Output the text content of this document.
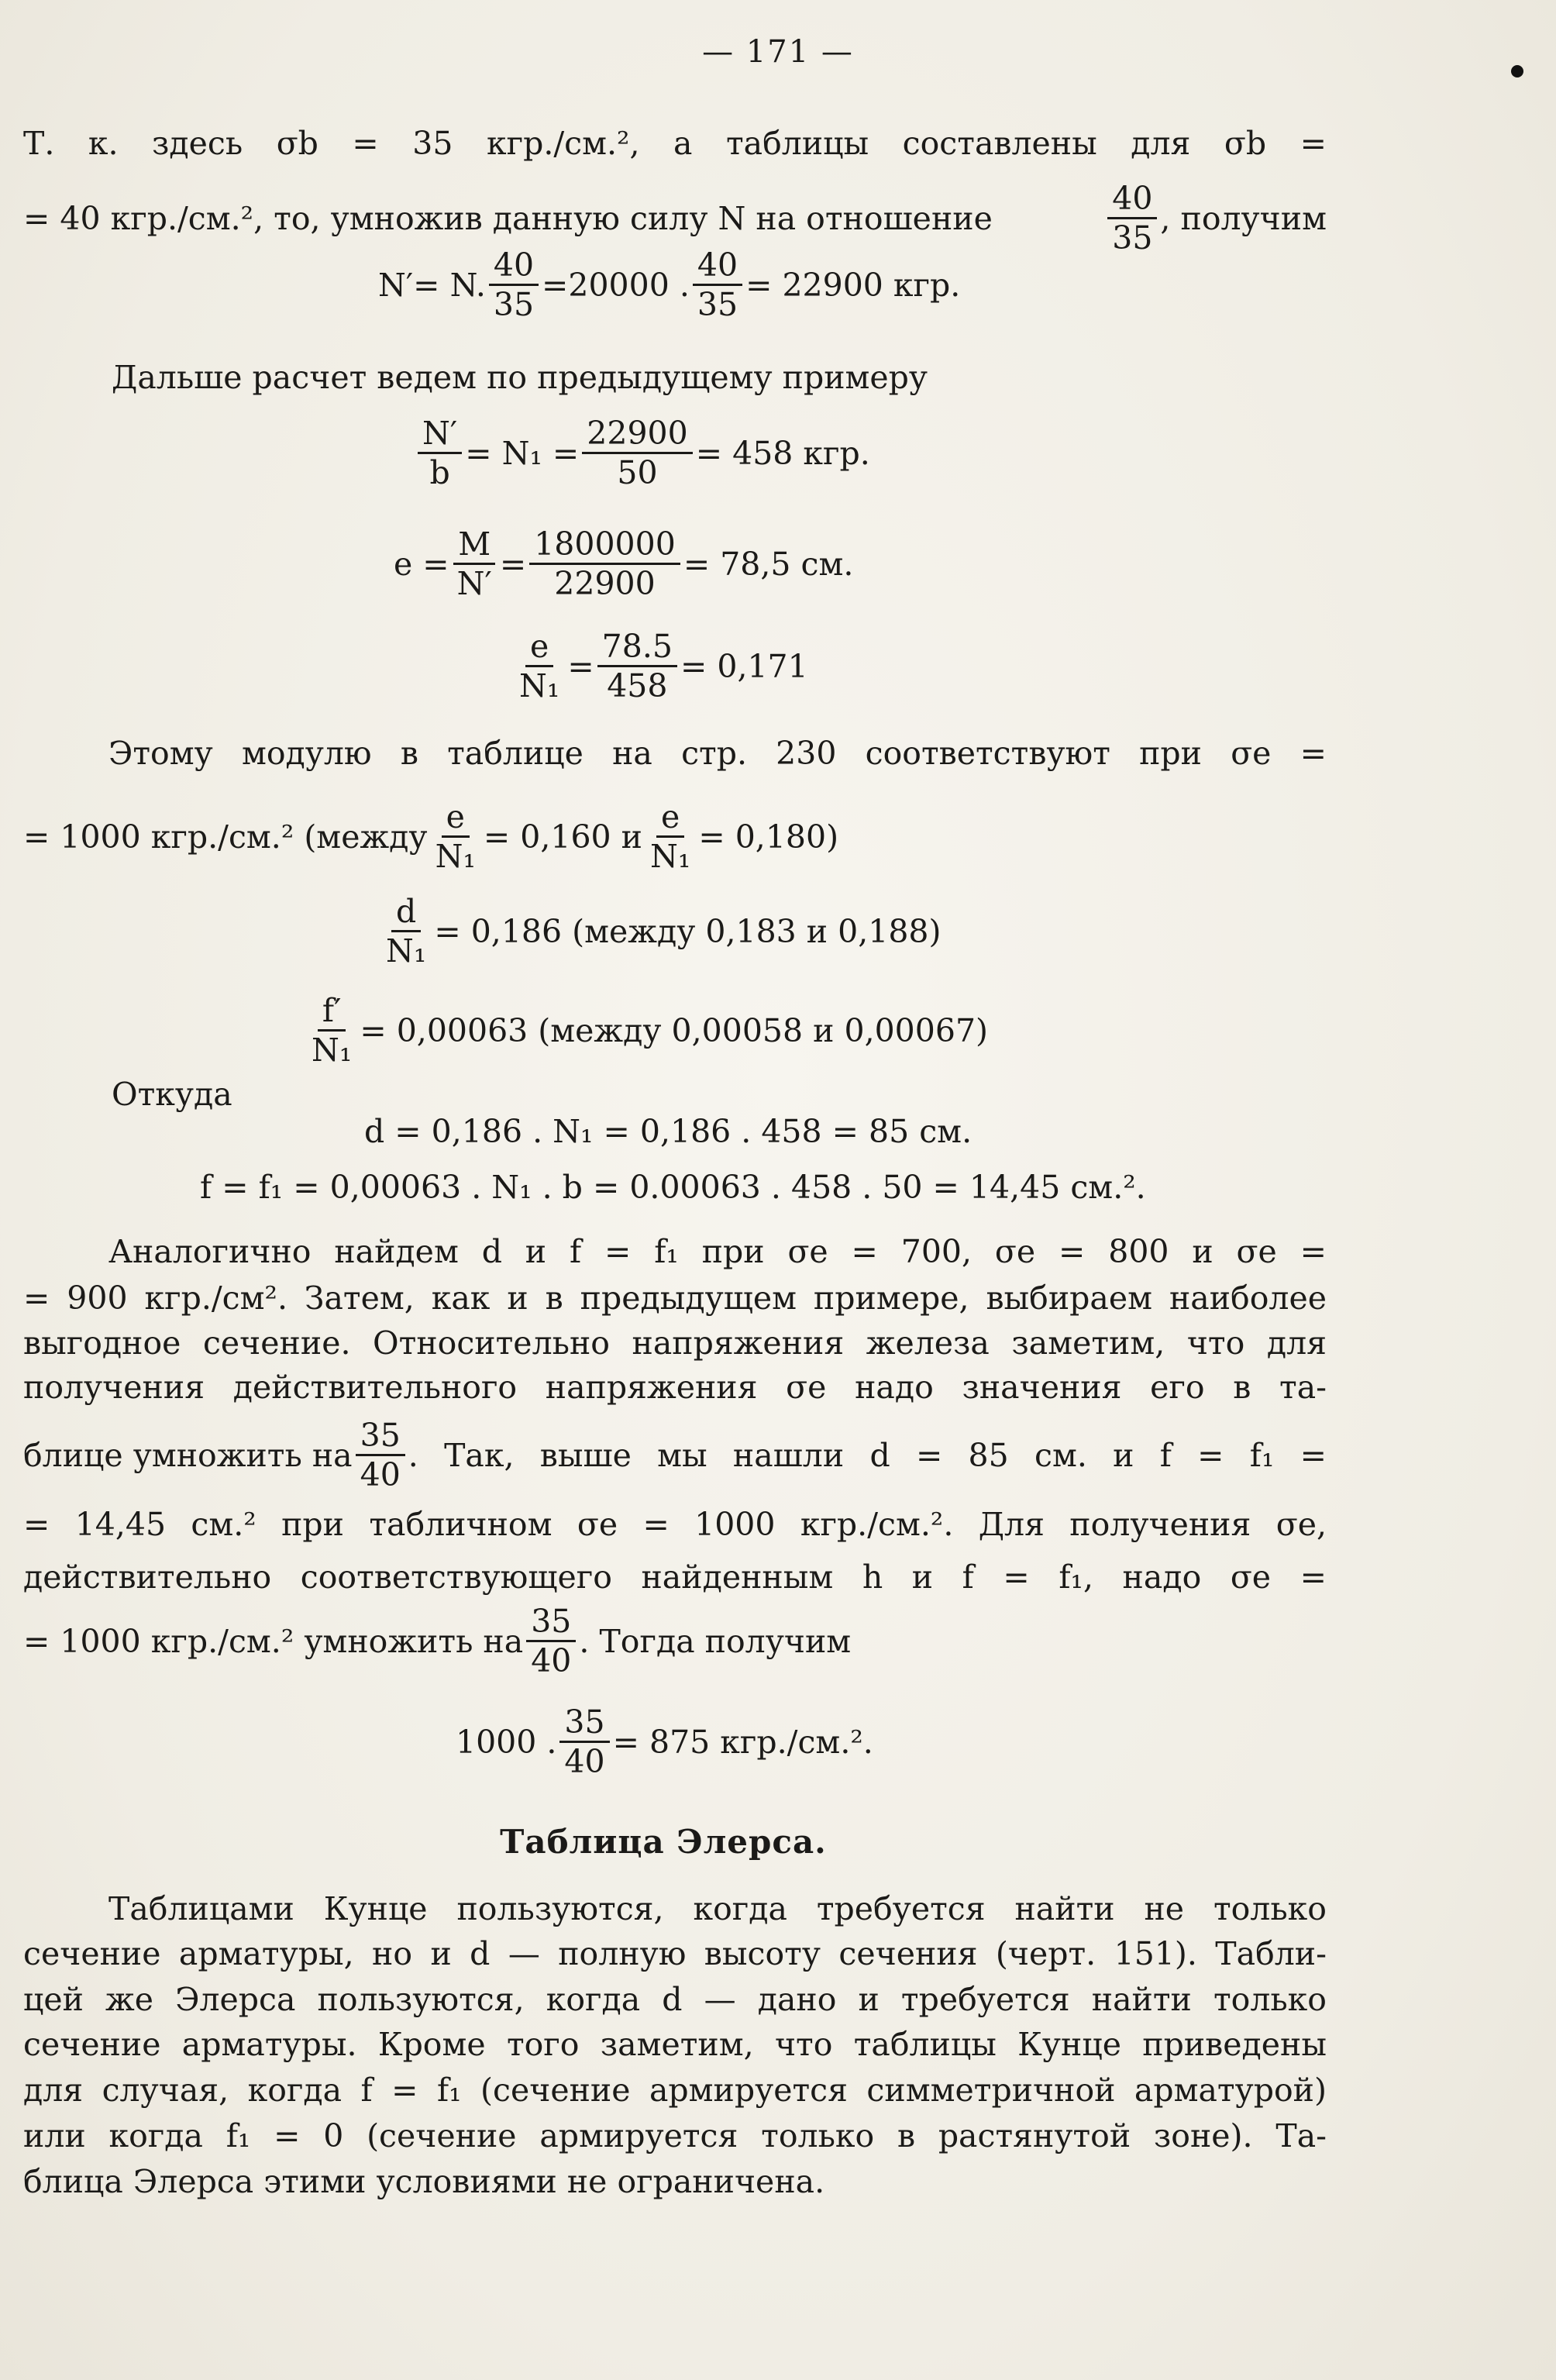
— 171 —
Т. к. здесь σb = 35 кгр./см.², а таблицы составлены для σb =
= 40 кгр./см.², то, умножив данную силу N на отношение	$\frac{40}{35}$ , получим
N′= N. $\frac{40}{35} =20000$ . $\frac{40}{35} = 22900$ кгр.
Дальше расчет ведем по предыдущему примеру
$\frac{N'}{b} = N_1 = \frac{22900}{50} = 458$ кгр.
$e = \frac{M}{N'} = \frac{1800000}{22900} = 78,5$ см.
$\frac{e}{\text{N₁}} = \frac{78.5}{458} = 0,171$
Этому модулю в таблице на стр. 230 соответствуют при σe =
= 1000 кгр./см.² (между $\frac{e}{\text{N₁}} = 0,160$ и $\frac{e}{\text{N₁}} = 0,180$)
$\frac{d}{\text{N₁}} = 0,186$ (между 0,183 и 0,188)
$\frac{f'}{\text{N₁}} = 0,00063$ (между 0,00058 и 0,00067)
Откуда
d = 0,186 . N₁ = 0,186 . 458 = 85 см.
f = f₁ = 0,00063 . N₁ . b = 0.00063 . 458 . 50 = 14,45 см.².
Аналогично найдем d и f = f₁ при σe = 700, σe = 800 и σe =
= 900 кгр./см². Затем, как и в предыдущем примере, выбираем наиболее
выгодное сечение. Относительно напряжения железа заметим, что для
получения действительного напряжения σe надо значения его в та-
блице умножить на $\frac{35}{40}$ . Так, выше мы нашли d = 85 см. и f = f₁ =
= 14,45 см.² при табличном σe = 1000 кгр./см.². Для получения σe,
действительно соответствующего найденным h и f = f₁, надо σe =
= 1000 кгр./см.² умножить на $\frac{35}{40}$ . Тогда получим
1000 . $\frac{35}{40} = 875$ кгр./см.².
Таблица Элерса.
Таблицами Кунце пользуются, когда требуется найти не только
сечение арматуры, но и d — полную высоту сечения (черт. 151). Табли-
цей же Элерса пользуются, когда d — дано и требуется найти только
сечение арматуры. Кроме того заметим, что таблицы Кунце приведены
для случая, когда f = f₁ (сечение армируется симметричной арматурой)
или когда f₁ = 0 (сечение армируется только в растянутой зоне). Та-
блица Элерса этими условиями не ограничена.
